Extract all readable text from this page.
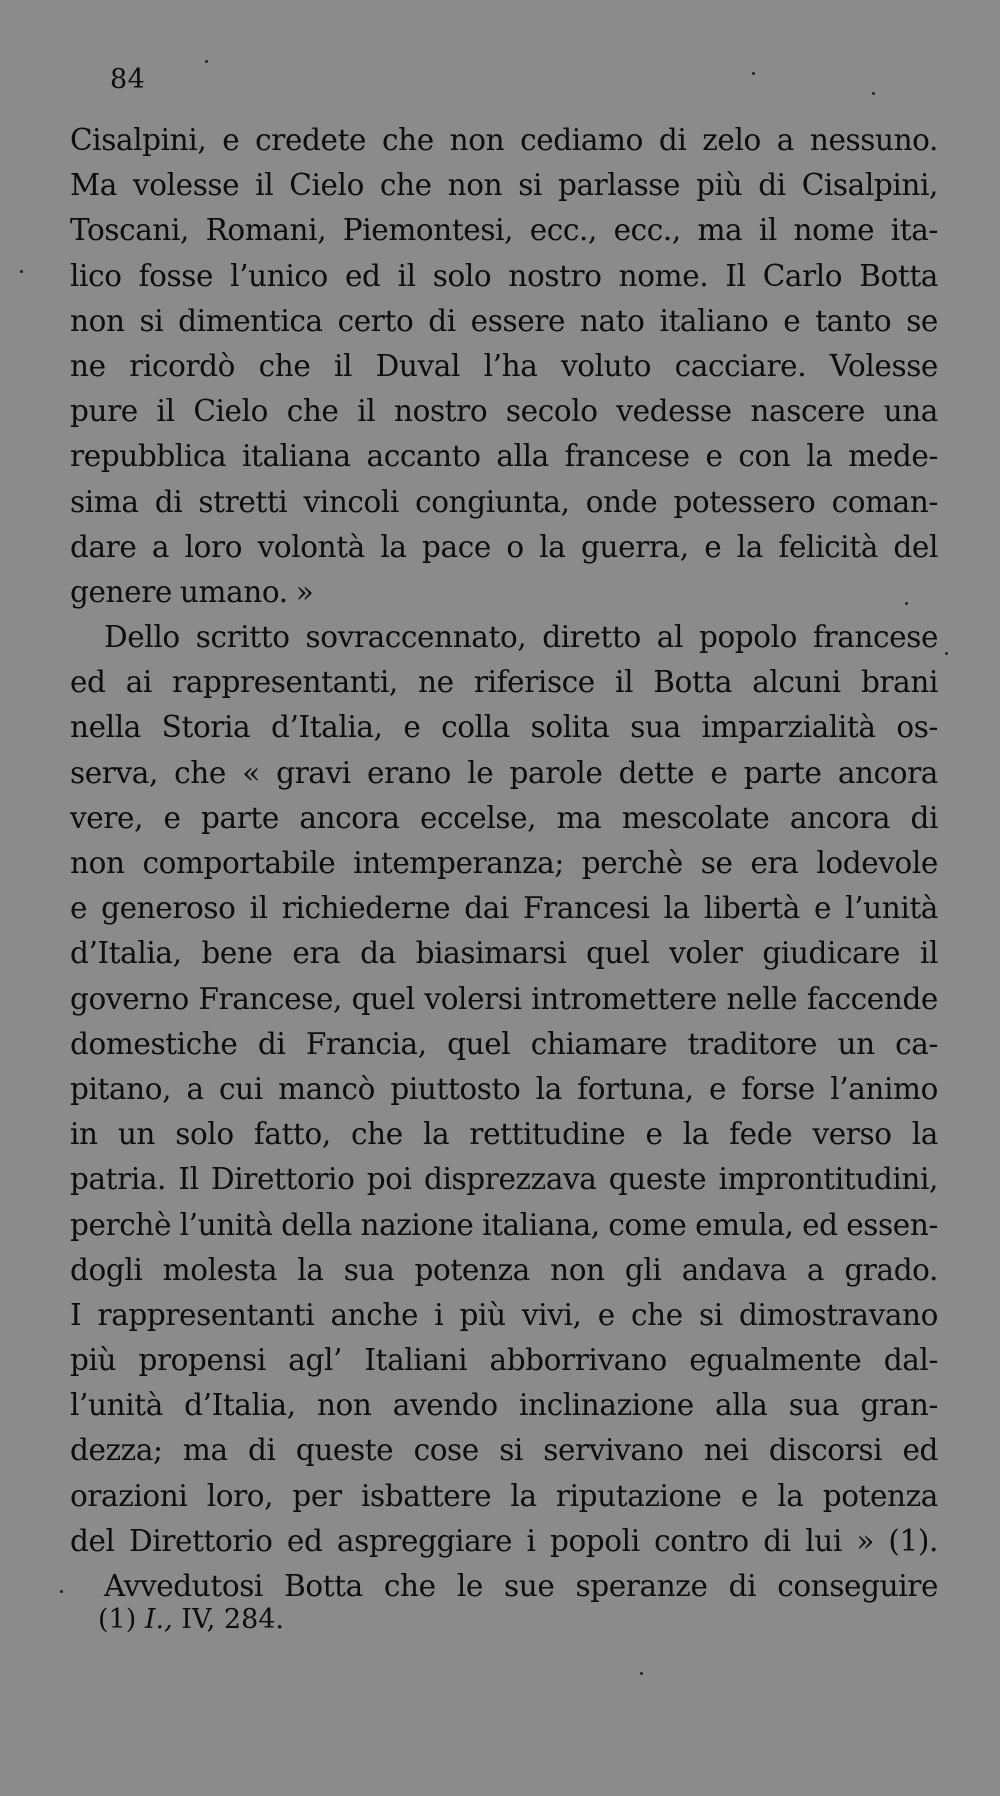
84
Cisalpini, e credete che non cediamo di zelo a nessuno.
Ma volesse il Cielo che non si parlasse più di Cisalpini,
Toscani, Romani, Piemontesi, ecc., ecc., ma il nome ita-
lico fosse l’unico ed il solo nostro nome. Il Carlo Botta
non si dimentica certo di essere nato italiano e tanto se
ne ricordò che il Duval l’ha voluto cacciare. Volesse
pure il Cielo che il nostro secolo vedesse nascere una
repubblica italiana accanto alla francese e con la mede-
sima di stretti vincoli congiunta, onde potessero coman-
dare a loro volontà la pace o la guerra, e la felicità del
genere umano. »
Dello scritto sovraccennato, diretto al popolo francese
ed ai rappresentanti, ne riferisce il Botta alcuni brani
nella Storia d’Italia, e colla solita sua imparzialità os-
serva, che « gravi erano le parole dette e parte ancora
vere, e parte ancora eccelse, ma mescolate ancora di
non comportabile intemperanza; perchè se era lodevole
e generoso il richiederne dai Francesi la libertà e l’unità
d’Italia, bene era da biasimarsi quel voler giudicare il
governo Francese, quel volersi intromettere nelle faccende
domestiche di Francia, quel chiamare traditore un ca-
pitano, a cui mancò piuttosto la fortuna, e forse l’animo
in un solo fatto, che la rettitudine e la fede verso la
patria. Il Direttorio poi disprezzava queste improntitudini,
perchè l’unità della nazione italiana, come emula, ed essen-
dogli molesta la sua potenza non gli andava a grado.
I rappresentanti anche i più vivi, e che si dimostravano
più propensi agl’ Italiani abborrivano egualmente dal-
l’unità d’Italia, non avendo inclinazione alla sua gran-
dezza; ma di queste cose si servivano nei discorsi ed
orazioni loro, per isbattere la riputazione e la potenza
del Direttorio ed aspreggiare i popoli contro di lui » (1).
Avvedutosi Botta che le sue speranze di conseguire
(1) I., IV, 284.
